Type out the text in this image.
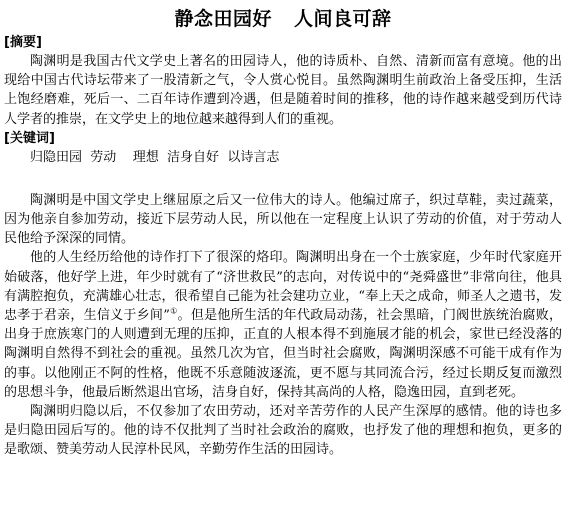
静念田园好 人间良可辞
[摘要]

陶渊明是我国古代文学史上著名的田园诗人，他的诗质朴、自然、清新而富有意境。他的出现给中国古代诗坛带来了一股清新之气，令人赏心悦目。虽然陶渊明生前政治上备受压抑，生活上饱经磨难，死后一、二百年诗作遭到冷遇，但是随着时间的推移，他的诗作越来越受到历代诗人学者的推崇，在文学史上的地位越来越得到人们的重视。

[关键词]

归隐田园  劳动    理想  洁身自好  以诗言志

陶渊明是中国文学史上继屈原之后又一位伟大的诗人。他编过席子，织过草鞋，卖过蔬菜，因为他亲自参加劳动，接近下层劳动人民，所以他在一定程度上认识了劳动的价值，对于劳动人民他给予深深的同情。

他的人生经历给他的诗作打下了很深的烙印。陶渊明出身在一个士族家庭，少年时代家庭开始破落，他好学上进，年少时就有了“济世救民”的志向，对传说中的“尧舜盛世”非常向往，他具有满腔抱负，充满雄心壮志，很希望自己能为社会建功立业，“奉上天之成命，师圣人之遗书，发忠孝于君亲，生信义于乡间”①。但是他所生活的年代政局动荡，社会黑暗，门阀世族统治腐败，出身于庶族寒门的人则遭到无理的压抑，正直的人根本得不到施展才能的机会，家世已经没落的陶渊明自然得不到社会的重视。虽然几次为官，但当时社会腐败，陶渊明深感不可能干成有作为的事。以他刚正不阿的性格，他既不乐意随波逐流，更不愿与其同流合污，经过长期反复而激烈的思想斗争，他最后断然退出官场，洁身自好，保持其高尚的人格，隐逸田园，直到老死。

陶渊明归隐以后，不仅参加了农田劳动，还对辛苦劳作的人民产生深厚的感情。他的诗也多是归隐田园后写的。他的诗不仅批判了当时社会政治的腐败，也抒发了他的理想和抱负，更多的是歌颂、赞美劳动人民淳朴民风，辛勤劳作生活的田园诗。
